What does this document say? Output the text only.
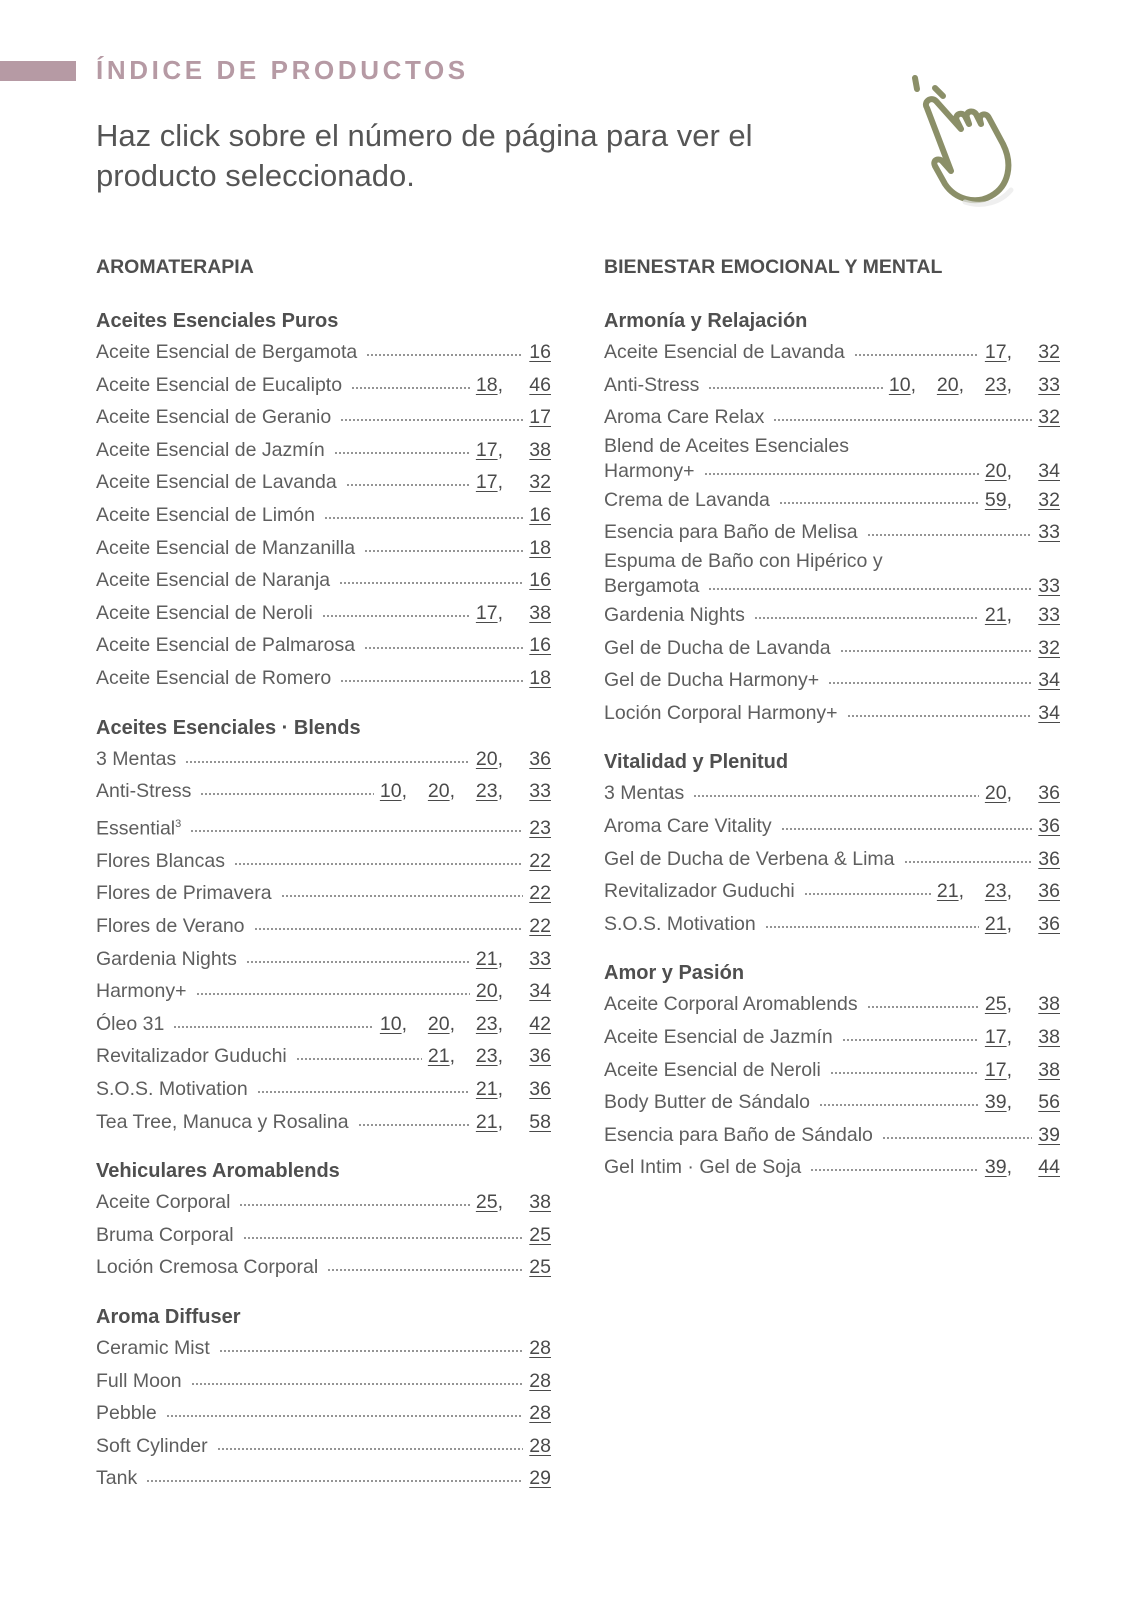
ÍNDICE DE PRODUCTOS

Haz click sobre el número de página para ver el producto seleccionado.

AROMATERAPIA
Aceites Esenciales Puros
Aceite Esencial de Bergamota	16
Aceite Esencial de Eucalipto	18,	46
Aceite Esencial de Geranio	17
Aceite Esencial de Jazmín	17,	38
Aceite Esencial de Lavanda	17,	32
Aceite Esencial de Limón	16
Aceite Esencial de Manzanilla	18
Aceite Esencial de Naranja	16
Aceite Esencial de Neroli	17,	38
Aceite Esencial de Palmarosa	16
Aceite Esencial de Romero	18
Aceites Esenciales · Blends
3 Mentas	20,	36
Anti-Stress	10,	20,	23,	33
Essential$^3$	23
Flores Blancas	22
Flores de Primavera	22
Flores de Verano	22
Gardenia Nights	21,	33
Harmony+	20,	34
Óleo 31	10,	20,	23,	42
Revitalizador Guduchi	21,	23,	36
S.O.S. Motivation	21,	36
Tea Tree, Manuca y Rosalina	21,	58
Vehiculares Aromablends
Aceite Corporal	25,	38
Bruma Corporal	25
Loción Cremosa Corporal	25
Aroma Diffuser
Ceramic Mist	28
Full Moon	28
Pebble	28
Soft Cylinder	28
Tank	29
BIENESTAR EMOCIONAL Y MENTAL
Armonía y Relajación
Aceite Esencial de Lavanda	17,	32
Anti-Stress	10,	20,	23,	33
Aroma Care Relax	32
Blend de Aceites Esenciales
Harmony+	20,	34
Crema de Lavanda	59,	32
Esencia para Baño de Melisa	33
Espuma de Baño con Hipérico y
Bergamota	33
Gardenia Nights	21,	33
Gel de Ducha de Lavanda	32
Gel de Ducha Harmony+	34
Loción Corporal Harmony+	34
Vitalidad y Plenitud
3 Mentas	20,	36
Aroma Care Vitality	36
Gel de Ducha de Verbena & Lima	36
Revitalizador Guduchi	21,	23,	36
S.O.S. Motivation	21,	36
Amor y Pasión
Aceite Corporal Aromablends	25,	38
Aceite Esencial de Jazmín	17,	38
Aceite Esencial de Neroli	17,	38
Body Butter de Sándalo	39,	56
Esencia para Baño de Sándalo	39
Gel Intim · Gel de Soja	39,	44
